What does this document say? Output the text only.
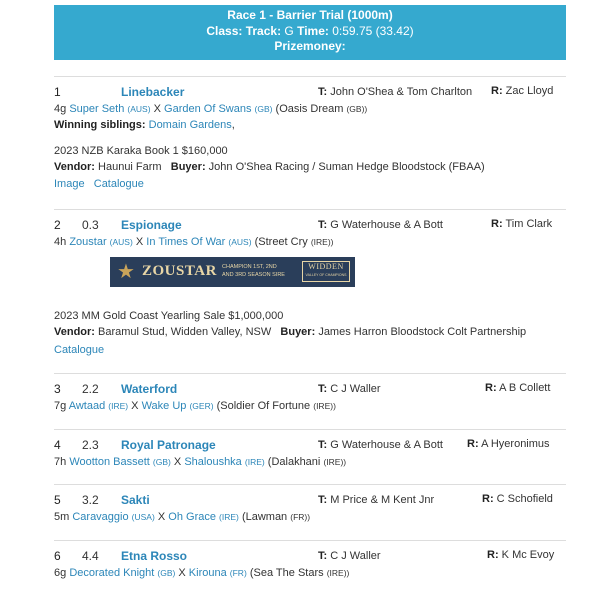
Race 1 - Barrier Trial (1000m)
Class: Track: G Time: 0:59.75 (33.42)
Prizemoney:
1	Linebacker	T: John O'Shea & Tom Charlton R: Zac Lloyd
4g Super Seth (AUS) X Garden Of Swans (GB) (Oasis Dream (GB))
Winning siblings: Domain Gardens,
2023 NZB Karaka Book 1 $160,000
Vendor: Haunui Farm Buyer: John O'Shea Racing / Suman Hedge Bloodstock (FBAA)
Image Catalogue
2 0.3 Espionage	T: G Waterhouse & A Bott	R: Tim Clark
4h Zoustar (AUS) X In Times Of War (AUS) (Street Cry (IRE))
★ ZOUSTAR CHAMPION 1ST, 2ND
AND 3RD SEASON SIRE
WIDDEN
VALLEY OF CHAMPIONS
2023 MM Gold Coast Yearling Sale $1,000,000
Vendor: Baramul Stud, Widden Valley, NSW Buyer: James Harron Bloodstock Colt Partnership
Catalogue
3 2.2 Waterford	T: C J Waller	R: A B Collett
7g Awtaad (IRE) X Wake Up (GER) (Soldier Of Fortune (IRE))
4 2.3 Royal Patronage	T: G Waterhouse & A Bott R: A Hyeronimus
7h Wootton Bassett (GB) X Shaloushka (IRE) (Dalakhani (IRE))
5 3.2 Sakti	T: M Price & M Kent Jnr	R: C Schofield
5m Caravaggio (USA) X Oh Grace (IRE) (Lawman (FR))
6 4.4 Etna Rosso	T: C J Waller	R: K Mc Evoy
6g Decorated Knight (GB) X Kirouna (FR) (Sea The Stars (IRE))
